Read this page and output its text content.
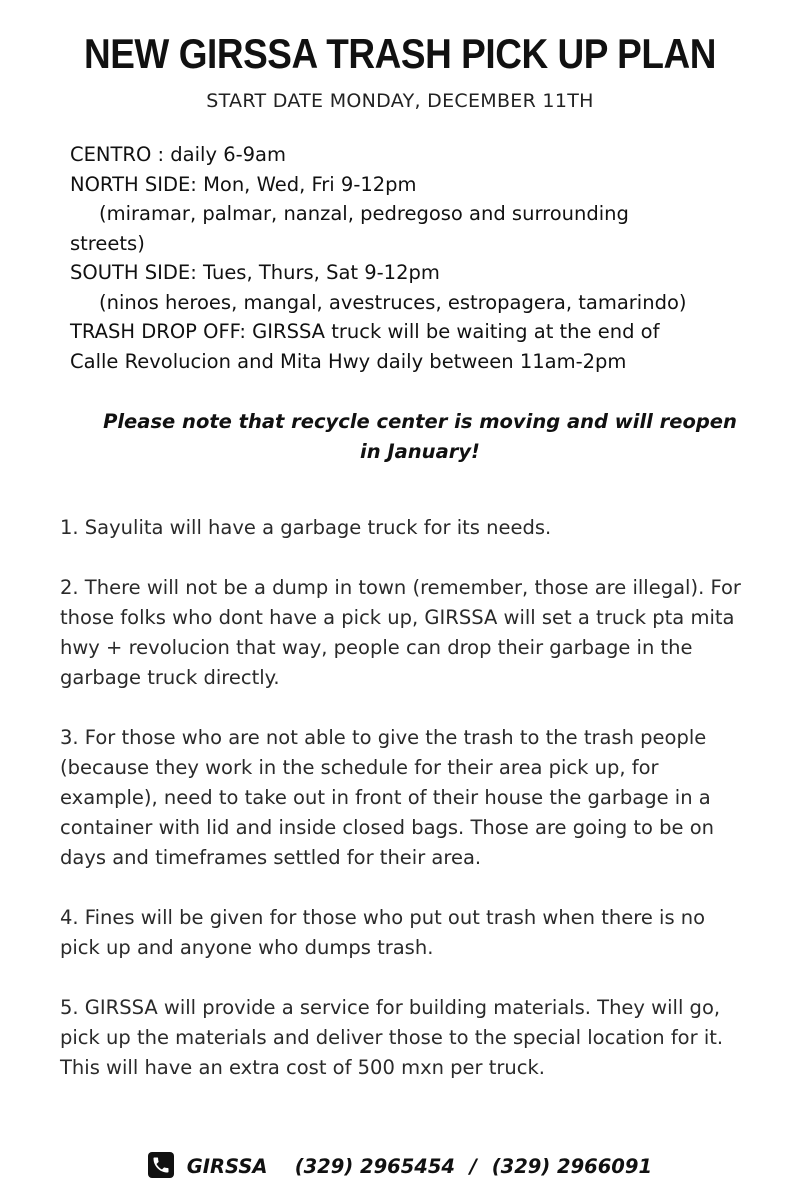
NEW GIRSSA TRASH PICK UP PLAN
START DATE MONDAY, DECEMBER 11TH
CENTRO : daily 6-9am
NORTH SIDE: Mon, Wed, Fri 9-12pm
(miramar, palmar, nanzal, pedregoso and surrounding
streets)
SOUTH SIDE: Tues, Thurs, Sat 9-12pm
(ninos heroes, mangal, avestruces, estropagera, tamarindo)
TRASH DROP OFF: GIRSSA truck will be waiting at the end of
Calle Revolucion and Mita Hwy daily between 11am-2pm
Please note that recycle center is moving and will reopen in January!

1. Sayulita will have a garbage truck for its needs.

2. There will not be a dump in town (remember, those are illegal). For those folks who dont have a pick up, GIRSSA will set a truck pta mita hwy + revolucion that way, people can drop their garbage in the garbage truck directly.

3. For those who are not able to give the trash to the trash people (because they work in the schedule for their area pick up, for example), need to take out in front of their house the garbage in a container with lid and inside closed bags. Those are going to be on days and timeframes settled for their area.

4. Fines will be given for those who put out trash when there is no pick up and anyone who dumps trash.

5. GIRSSA will provide a service for building materials. They will go, pick up the materials and deliver those to the special location for it. This will have an extra cost of 500 mxn per truck.

GIRSSA (329) 2965454 / (329) 2966091
